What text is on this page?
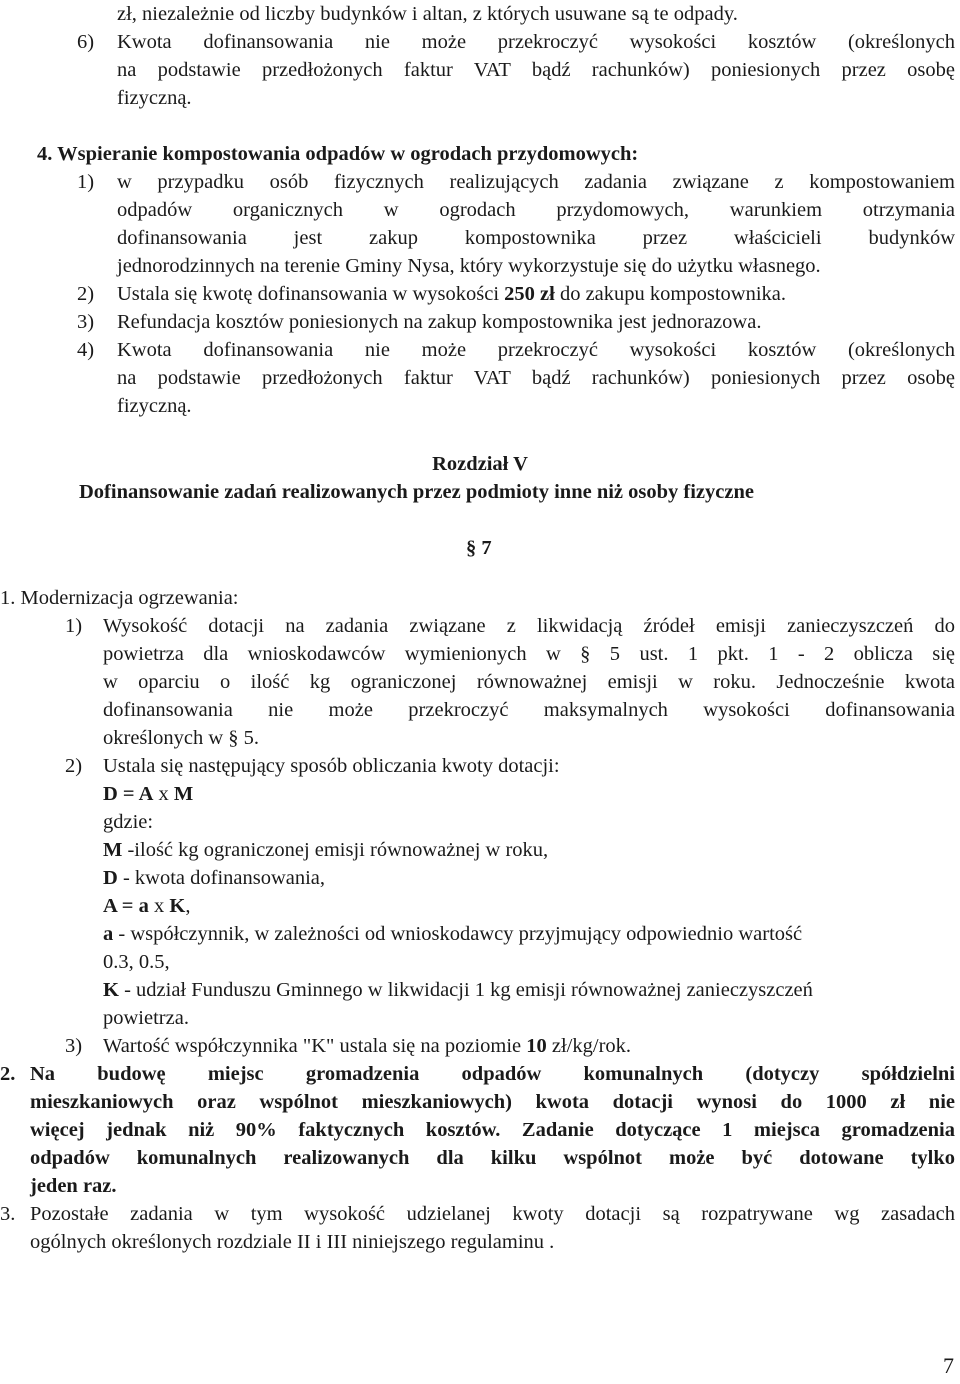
zł, niezależnie od liczby budynków i altan, z których usuwane są te odpady.
6) Kwota dofinansowania nie może przekroczyć wysokości kosztów (określonych
na podstawie przedłożonych faktur VAT bądź rachunków) poniesionych przez osobę
fizyczną.
4. Wspieranie kompostowania odpadów w ogrodach przydomowych:
1) w przypadku osób fizycznych realizujących zadania związane z kompostowaniem
odpadów organicznych w ogrodach przydomowych, warunkiem otrzymania
dofinansowania jest zakup kompostownika przez właścicieli budynków
jednorodzinnych na terenie Gminy Nysa, który wykorzystuje się do użytku własnego.
2) Ustala się kwotę dofinansowania w wysokości 250 zł do zakupu kompostownika.
3) Refundacja kosztów poniesionych na zakup kompostownika jest jednorazowa.
4) Kwota dofinansowania nie może przekroczyć wysokości kosztów (określonych
na podstawie przedłożonych faktur VAT bądź rachunków) poniesionych przez osobę
fizyczną.
Rozdział V
Dofinansowanie zadań realizowanych przez podmioty inne niż osoby fizyczne
§ 7
1. Modernizacja ogrzewania:
1) Wysokość dotacji na zadania związane z likwidacją źródeł emisji zanieczyszczeń do
powietrza dla wnioskodawców wymienionych w § 5 ust. 1 pkt. 1 - 2 oblicza się
w oparciu o ilość kg ograniczonej równoważnej emisji w roku. Jednocześnie kwota
dofinansowania nie może przekroczyć maksymalnych wysokości dofinansowania
określonych w § 5.
2) Ustala się następujący sposób obliczania kwoty dotacji:
D = A x M
gdzie:
M -ilość kg ograniczonej emisji równoważnej w roku,
D - kwota dofinansowania,
A = a x K,
a - współczynnik, w zależności od wnioskodawcy przyjmujący odpowiednio wartość
0.3, 0.5,
K - udział Funduszu Gminnego w likwidacji 1 kg emisji równoważnej zanieczyszczeń
powietrza.
3) Wartość współczynnika "K" ustala się na poziomie 10 zł/kg/rok.
2. Na budowę miejsc gromadzenia odpadów komunalnych (dotyczy spółdzielni
mieszkaniowych oraz wspólnot mieszkaniowych) kwota dotacji wynosi do 1000 zł nie
więcej jednak niż 90% faktycznych kosztów. Zadanie dotyczące 1 miejsca gromadzenia
odpadów komunalnych realizowanych dla kilku wspólnot może być dotowane tylko
jeden raz.
3. Pozostałe zadania w tym wysokość udzielanej kwoty dotacji są rozpatrywane wg zasadach
ogólnych określonych rozdziale II i III niniejszego regulaminu .
7
